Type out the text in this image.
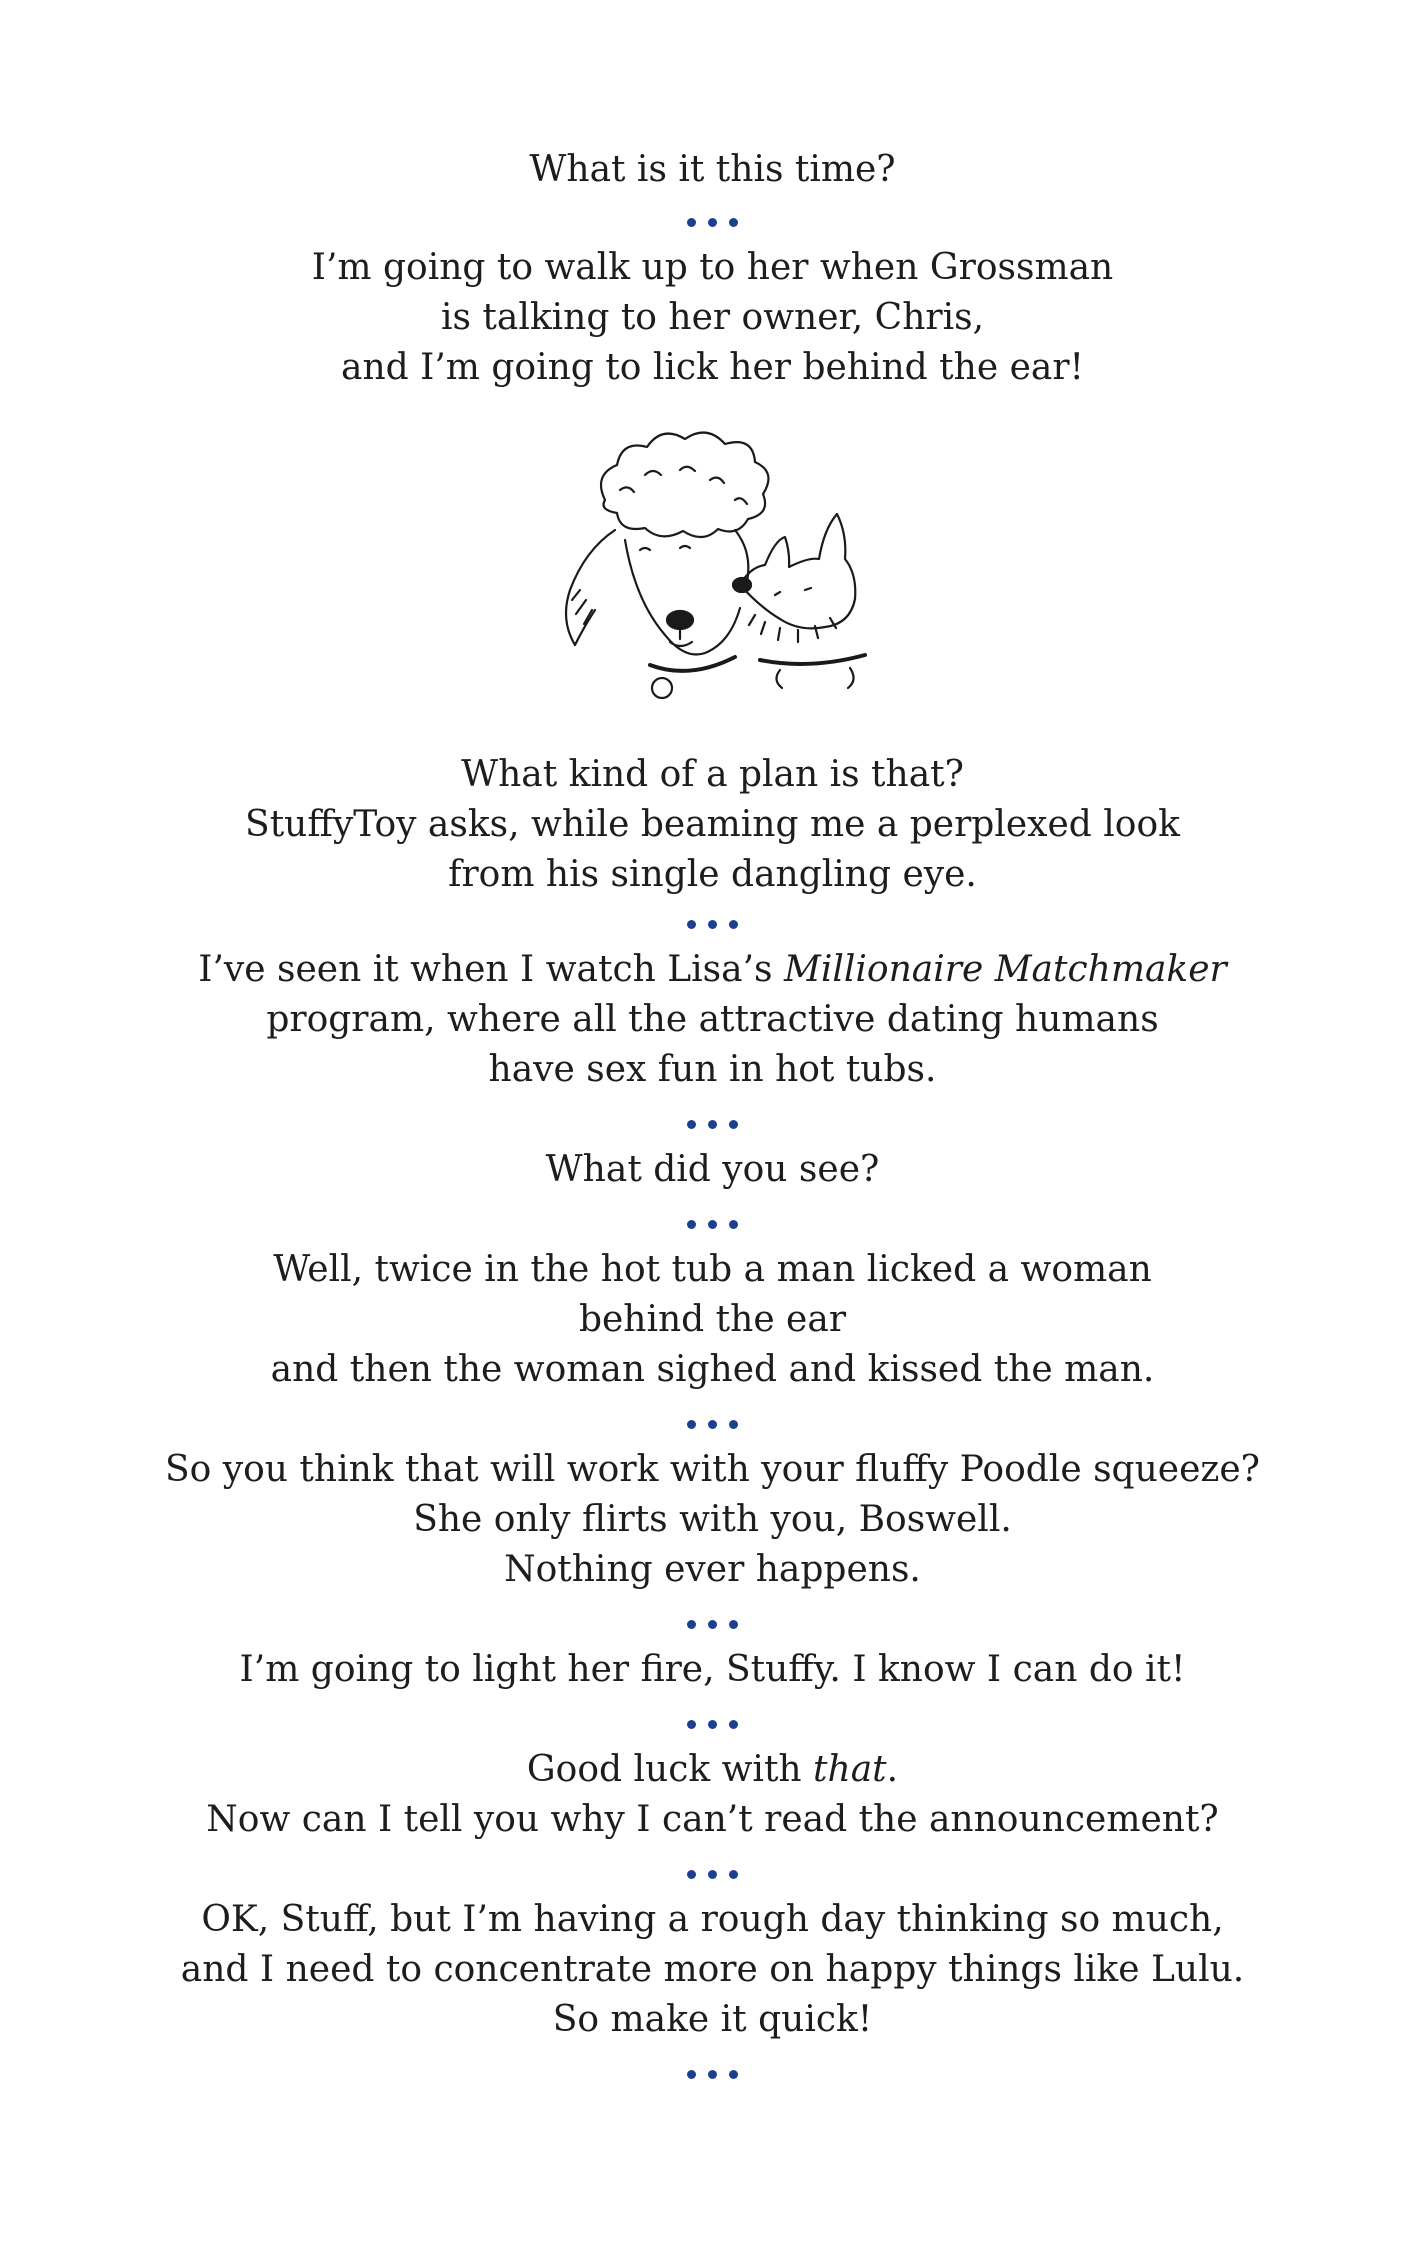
What is it this time?
I’m going to walk up to her when Grossman
is talking to her owner, Chris,
and I’m going to lick her behind the ear!
What kind of a plan is that?
StuffyToy asks, while beaming me a perplexed look
from his single dangling eye.
I’ve seen it when I watch Lisa’s Millionaire Matchmaker
program, where all the attractive dating humans
have sex fun in hot tubs.
What did you see?
Well, twice in the hot tub a man licked a woman
behind the ear
and then the woman sighed and kissed the man.
So you think that will work with your fluffy Poodle squeeze?
She only flirts with you, Boswell.
Nothing ever happens.
I’m going to light her fire, Stuffy. I know I can do it!
Good luck with that.
Now can I tell you why I can’t read the announcement?
OK, Stuff, but I’m having a rough day thinking so much,
and I need to concentrate more on happy things like Lulu.
So make it quick!
